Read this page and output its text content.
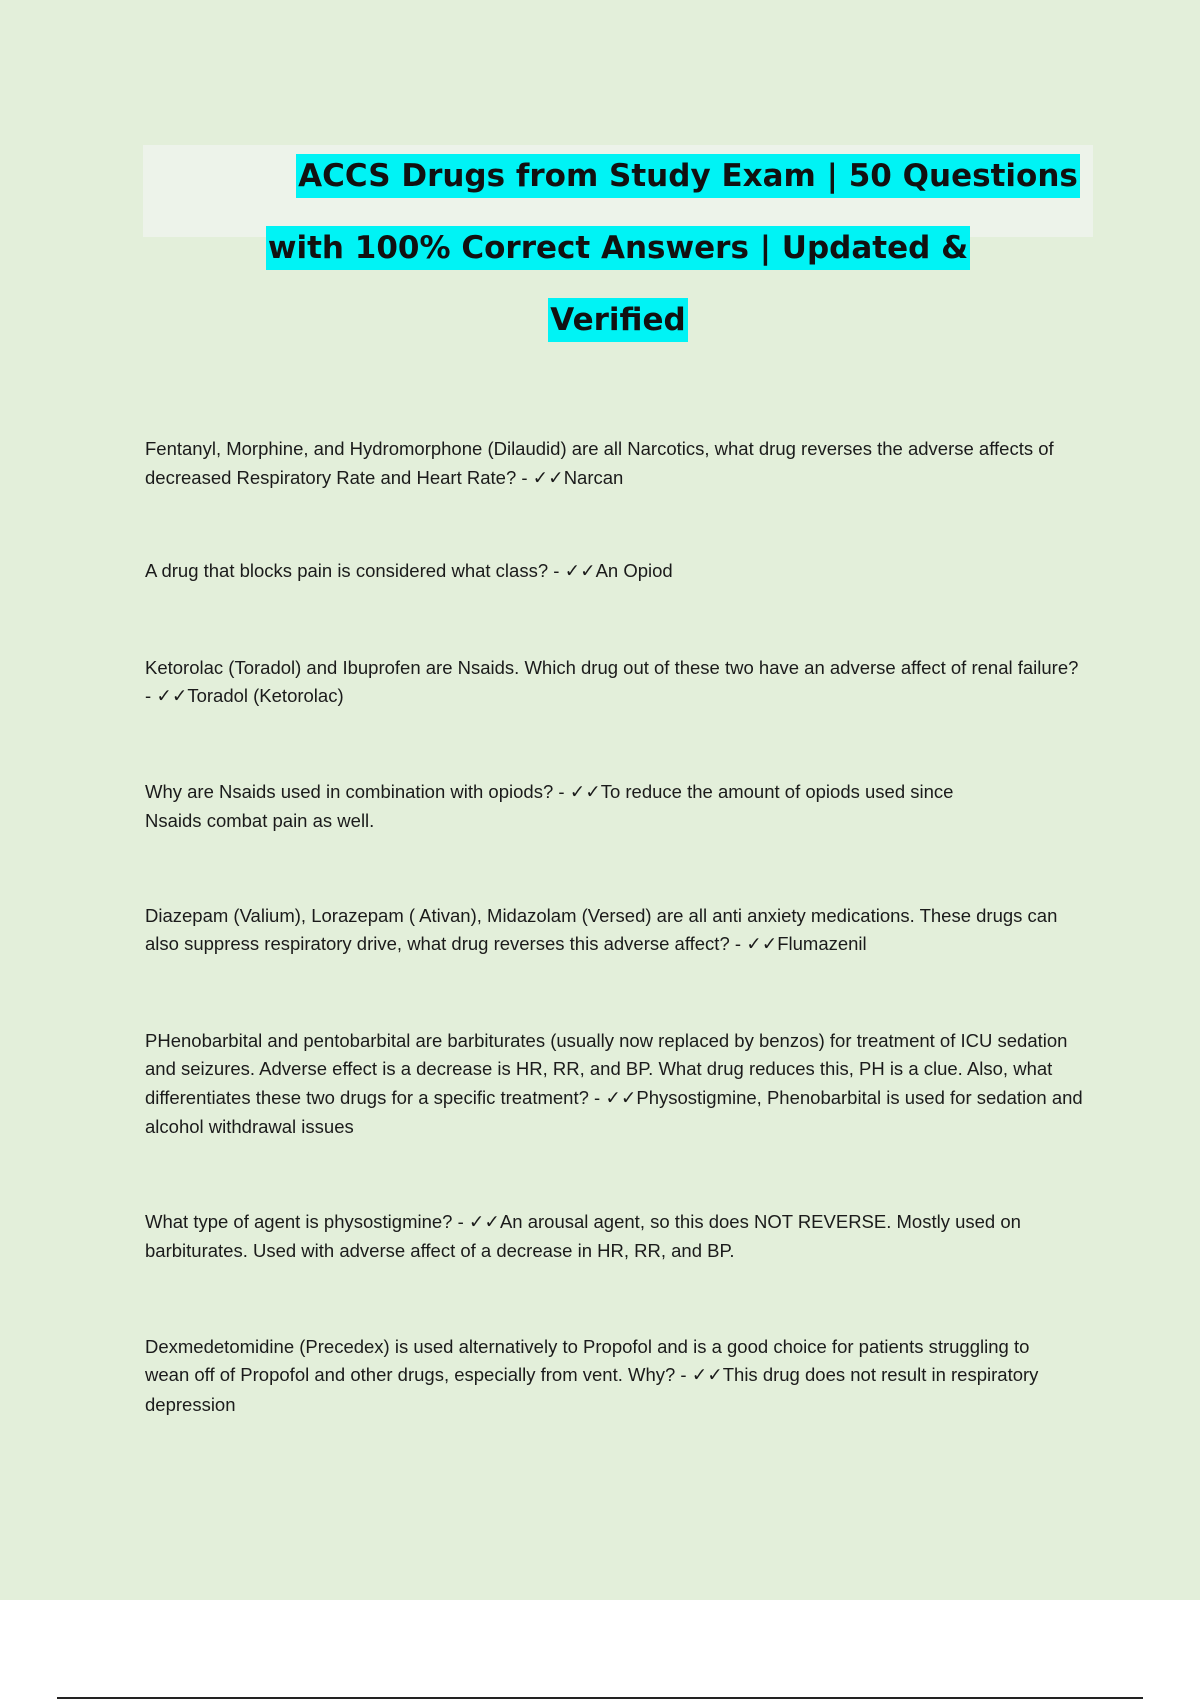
ACCS Drugs from Study Exam | 50 Questions
with 100% Correct Answers | Updated &
Verified

Fentanyl, Morphine, and Hydromorphone (Dilaudid) are all Narcotics, what drug reverses the adverse affects of decreased Respiratory Rate and Heart Rate? - ✓✓Narcan

A drug that blocks pain is considered what class? - ✓✓An Opiod

Ketorolac (Toradol) and Ibuprofen are Nsaids. Which drug out of these two have an adverse affect of renal failure? - ✓✓Toradol (Ketorolac)

Why are Nsaids used in combination with opiods? - ✓✓To reduce the amount of opiods used since Nsaids combat pain as well.

Diazepam (Valium), Lorazepam ( Ativan), Midazolam (Versed) are all anti anxiety medications. These drugs can also suppress respiratory drive, what drug reverses this adverse affect? - ✓✓Flumazenil

PHenobarbital and pentobarbital are barbiturates (usually now replaced by benzos) for treatment of ICU sedation and seizures. Adverse effect is a decrease is HR, RR, and BP. What drug reduces this, PH is a clue. Also, what differentiates these two drugs for a specific treatment? - ✓✓Physostigmine, Phenobarbital is used for sedation and alcohol withdrawal issues

What type of agent is physostigmine? - ✓✓An arousal agent, so this does NOT REVERSE. Mostly used on barbiturates. Used with adverse affect of a decrease in HR, RR, and BP.

Dexmedetomidine (Precedex) is used alternatively to Propofol and is a good choice for patients struggling to wean off of Propofol and other drugs, especially from vent. Why? - ✓✓This drug does not result in respiratory depression
